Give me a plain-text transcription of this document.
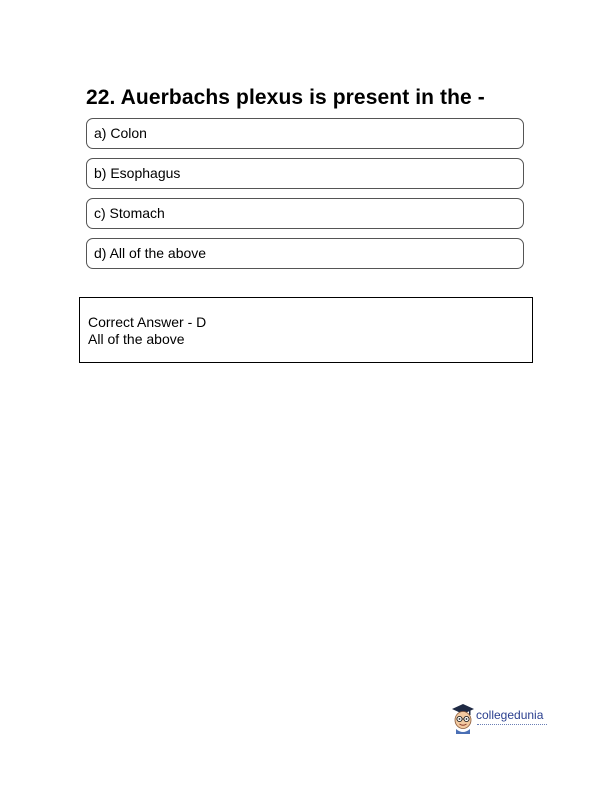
22. Auerbachs plexus is present in the -
a) Colon
b) Esophagus
c) Stomach
d) All of the above
Correct Answer - D
All of the above
collegedunia
